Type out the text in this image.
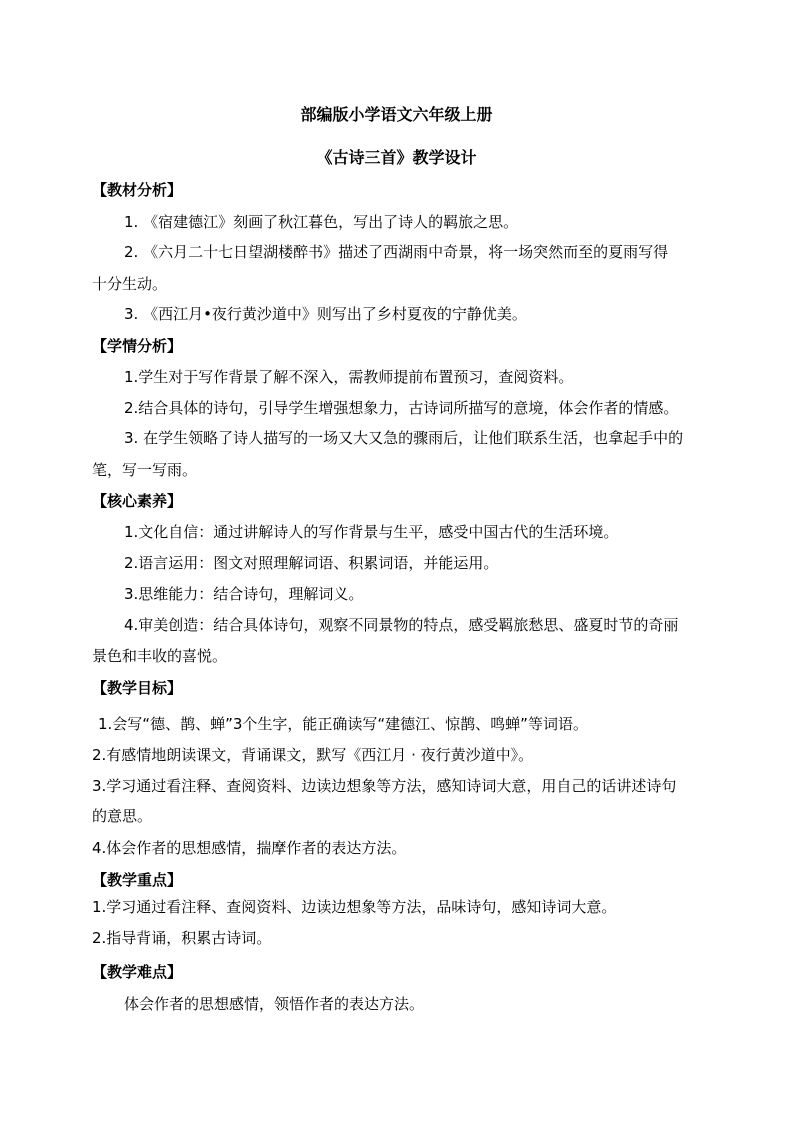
部编版小学语文六年级上册
《古诗三首》教学设计
【教材分析】
1. 《宿建德江》刻画了秋江暮色，写出了诗人的羁旅之思。
2. 《六月二十七日望湖楼醉书》描述了西湖雨中奇景，将一场突然而至的夏雨写得
十分生动。
3. 《西江月•夜行黄沙道中》则写出了乡村夏夜的宁静优美。
【学情分析】
1.学生对于写作背景了解不深入，需教师提前布置预习，查阅资料。
2.结合具体的诗句，引导学生增强想象力，古诗词所描写的意境，体会作者的情感。
3. 在学生领略了诗人描写的一场又大又急的骤雨后，让他们联系生活，也拿起手中的
笔，写一写雨。
【核心素养】
1.文化自信：通过讲解诗人的写作背景与生平，感受中国古代的生活环境。
2.语言运用：图文对照理解词语、积累词语，并能运用。
3.思维能力：结合诗句，理解词义。
4.审美创造：结合具体诗句，观察不同景物的特点，感受羁旅愁思、盛夏时节的奇丽
景色和丰收的喜悦。
【教学目标】
1.会写“德、鹊、蝉”3个生字，能正确读写“建德江、惊鹊、鸣蝉”等词语。
2.有感情地朗读课文，背诵课文，默写《西江月 · 夜行黄沙道中》。
3.学习通过看注释、查阅资料、边读边想象等方法，感知诗词大意，用自己的话讲述诗句
的意思。
4.体会作者的思想感情，揣摩作者的表达方法。
【教学重点】
1.学习通过看注释、查阅资料、边读边想象等方法，品味诗句，感知诗词大意。
2.指导背诵，积累古诗词。
【教学难点】
体会作者的思想感情，领悟作者的表达方法。
